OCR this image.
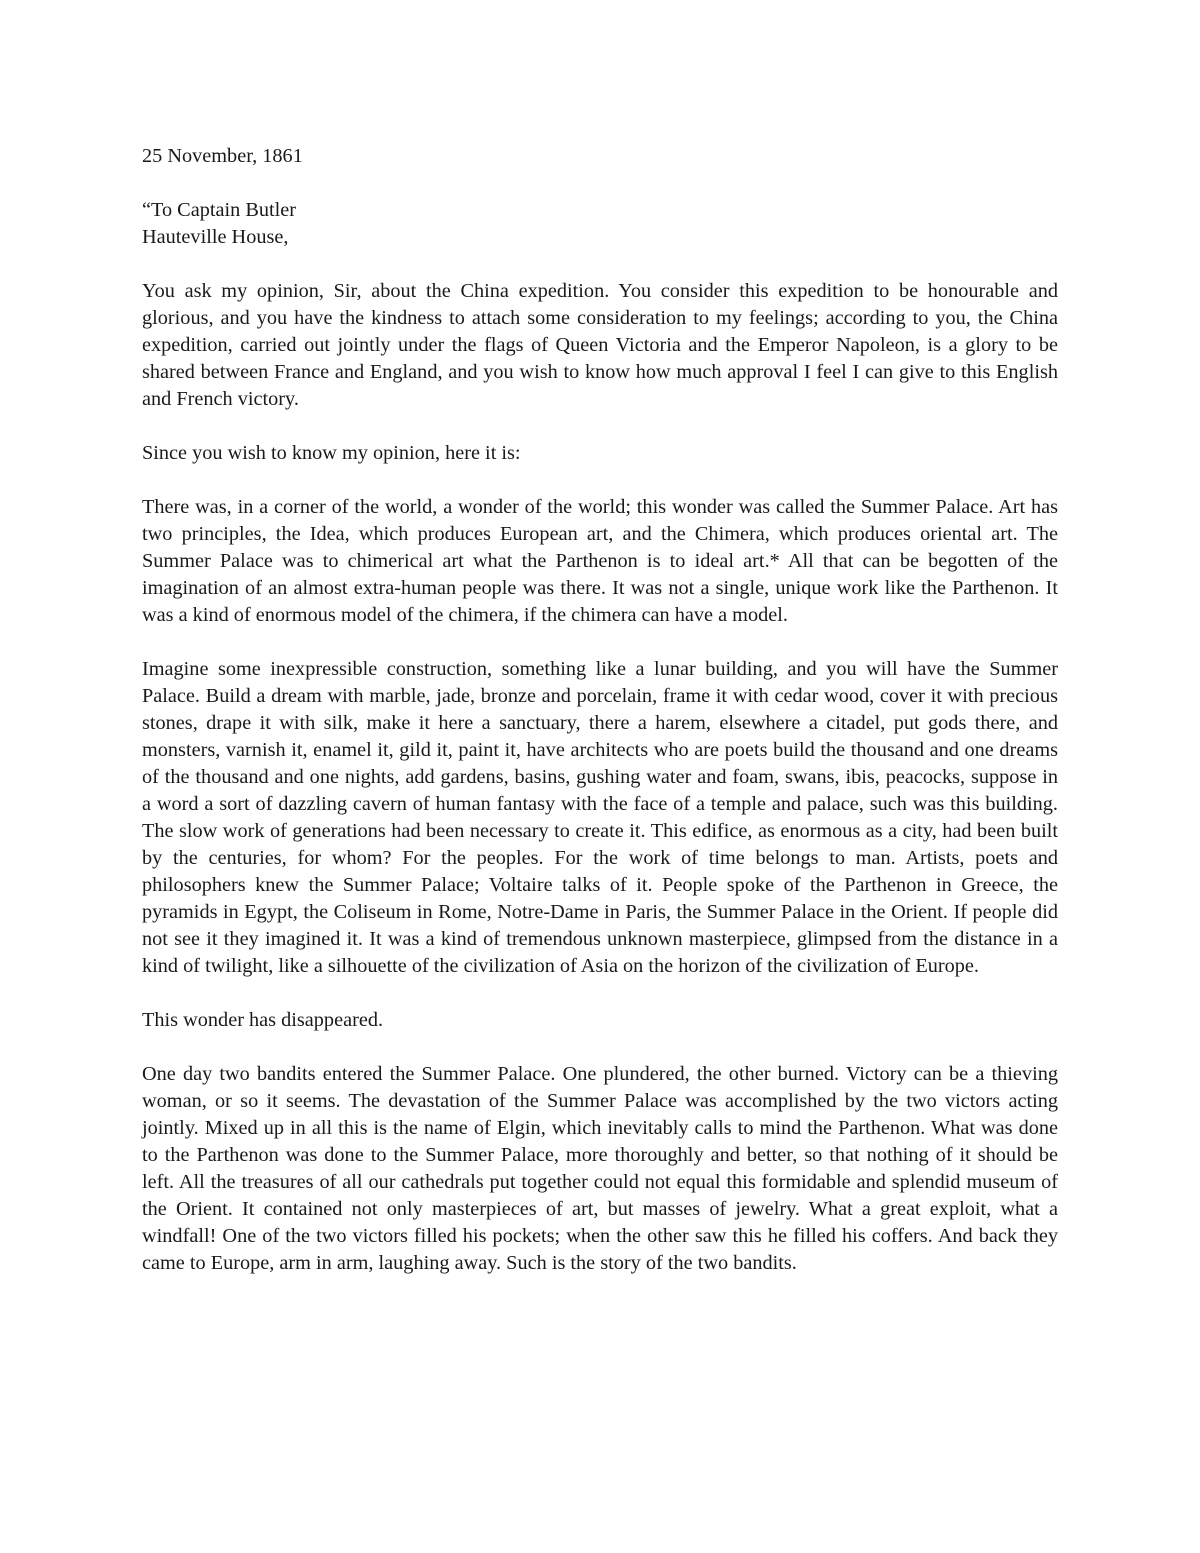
25 November, 1861
“To Captain Butler
Hauteville House,

You ask my opinion, Sir, about the China expedition. You consider this expedition to be honourable and glorious, and you have the kindness to attach some consideration to my feelings; according to you, the China expedition, carried out jointly under the flags of Queen Victoria and the Emperor Napoleon, is a glory to be shared between France and England, and you wish to know how much approval I feel I can give to this English and French victory.

Since you wish to know my opinion, here it is:

There was, in a corner of the world, a wonder of the world; this wonder was called the Summer Palace. Art has two principles, the Idea, which produces European art, and the Chimera, which produces oriental art. The Summer Palace was to chimerical art what the Parthenon is to ideal art.* All that can be begotten of the imagination of an almost extra-human people was there. It was not a single, unique work like the Parthenon. It was a kind of enormous model of the chimera, if the chimera can have a model.

Imagine some inexpressible construction, something like a lunar building, and you will have the Summer Palace. Build a dream with marble, jade, bronze and porcelain, frame it with cedar wood, cover it with precious stones, drape it with silk, make it here a sanctuary, there a harem, elsewhere a citadel, put gods there, and monsters, varnish it, enamel it, gild it, paint it, have architects who are poets build the thousand and one dreams of the thousand and one nights, add gardens, basins, gushing water and foam, swans, ibis, peacocks, suppose in a word a sort of dazzling cavern of human fantasy with the face of a temple and palace, such was this building. The slow work of generations had been necessary to create it. This edifice, as enormous as a city, had been built by the centuries, for whom? For the peoples. For the work of time belongs to man. Artists, poets and philosophers knew the Summer Palace; Voltaire talks of it. People spoke of the Parthenon in Greece, the pyramids in Egypt, the Coliseum in Rome, Notre-Dame in Paris, the Summer Palace in the Orient. If people did not see it they imagined it. It was a kind of tremendous unknown masterpiece, glimpsed from the distance in a kind of twilight, like a silhouette of the civilization of Asia on the horizon of the civilization of Europe.

This wonder has disappeared.

One day two bandits entered the Summer Palace. One plundered, the other burned. Victory can be a thieving woman, or so it seems. The devastation of the Summer Palace was accomplished by the two victors acting jointly. Mixed up in all this is the name of Elgin, which inevitably calls to mind the Parthenon. What was done to the Parthenon was done to the Summer Palace, more thoroughly and better, so that nothing of it should be left. All the treasures of all our cathedrals put together could not equal this formidable and splendid museum of the Orient. It contained not only masterpieces of art, but masses of jewelry. What a great exploit, what a windfall! One of the two victors filled his pockets; when the other saw this he filled his coffers. And back they came to Europe, arm in arm, laughing away. Such is the story of the two bandits.
